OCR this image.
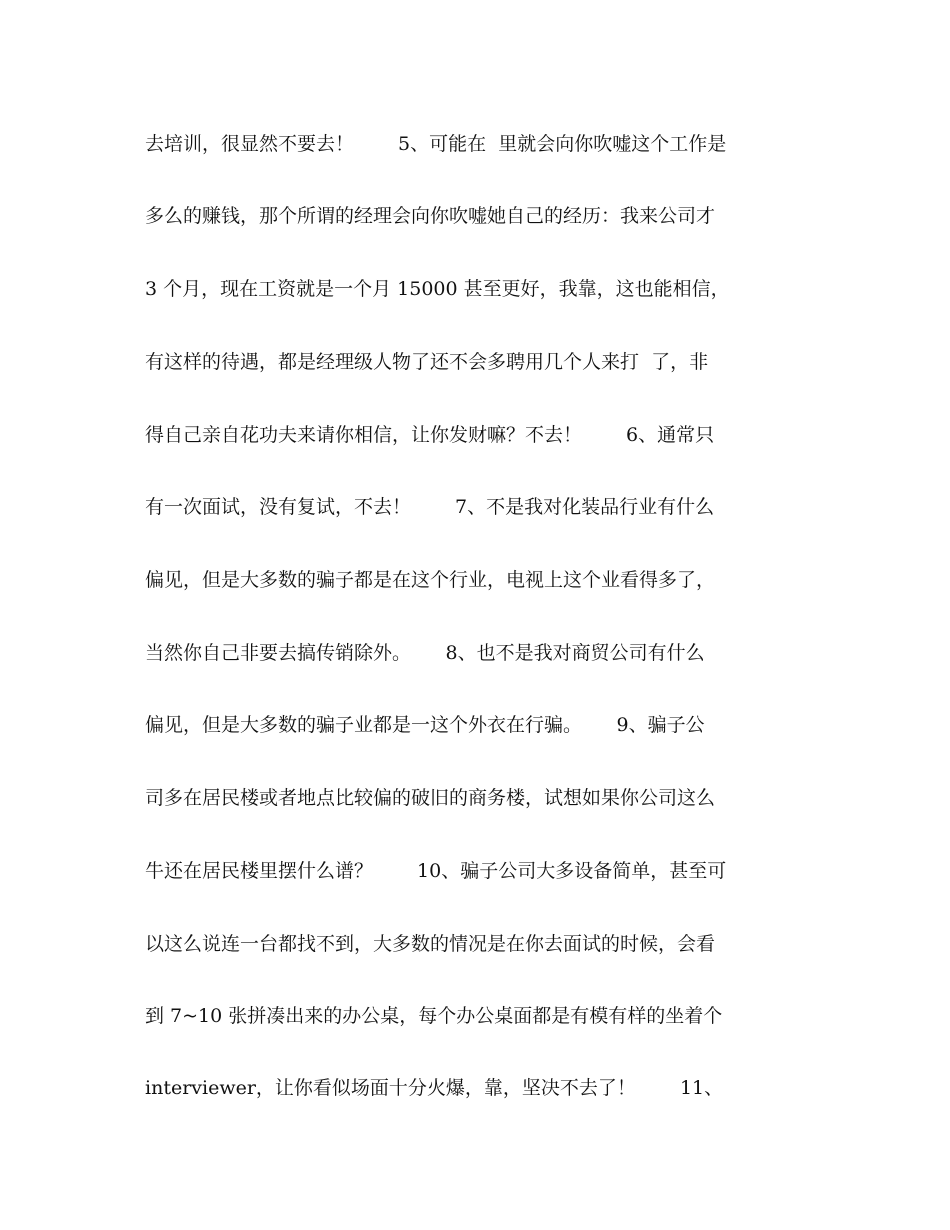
去培训，很显然不要去！　　 5、可能在  里就会向你吹嘘这个工作是
多么的赚钱，那个所谓的经理会向你吹嘘她自己的经历：我来公司才
3 个月，现在工资就是一个月 15000 甚至更好，我靠，这也能相信，
有这样的待遇，都是经理级人物了还不会多聘用几个人来打  了，非
得自己亲自花功夫来请你相信，让你发财嘛？不去！　　 6、通常只
有一次面试，没有复试，不去！　　 7、不是我对化装品行业有什么
偏见，但是大多数的骗子都是在这个行业，电视上这个业看得多了，
当然你自己非要去搞传销除外。　　 8、也不是我对商贸公司有什么
偏见，但是大多数的骗子业都是一这个外衣在行骗。　　 9、骗子公
司多在居民楼或者地点比较偏的破旧的商务楼，试想如果你公司这么
牛还在居民楼里摆什么谱？　　 10、骗子公司大多设备简单，甚至可
以这么说连一台都找不到，大多数的情况是在你去面试的时候，会看
到 7~10 张拼凑出来的办公桌，每个办公桌面都是有模有样的坐着个
interviewer，让你看似场面十分火爆，靠，坚决不去了！　　 11、
